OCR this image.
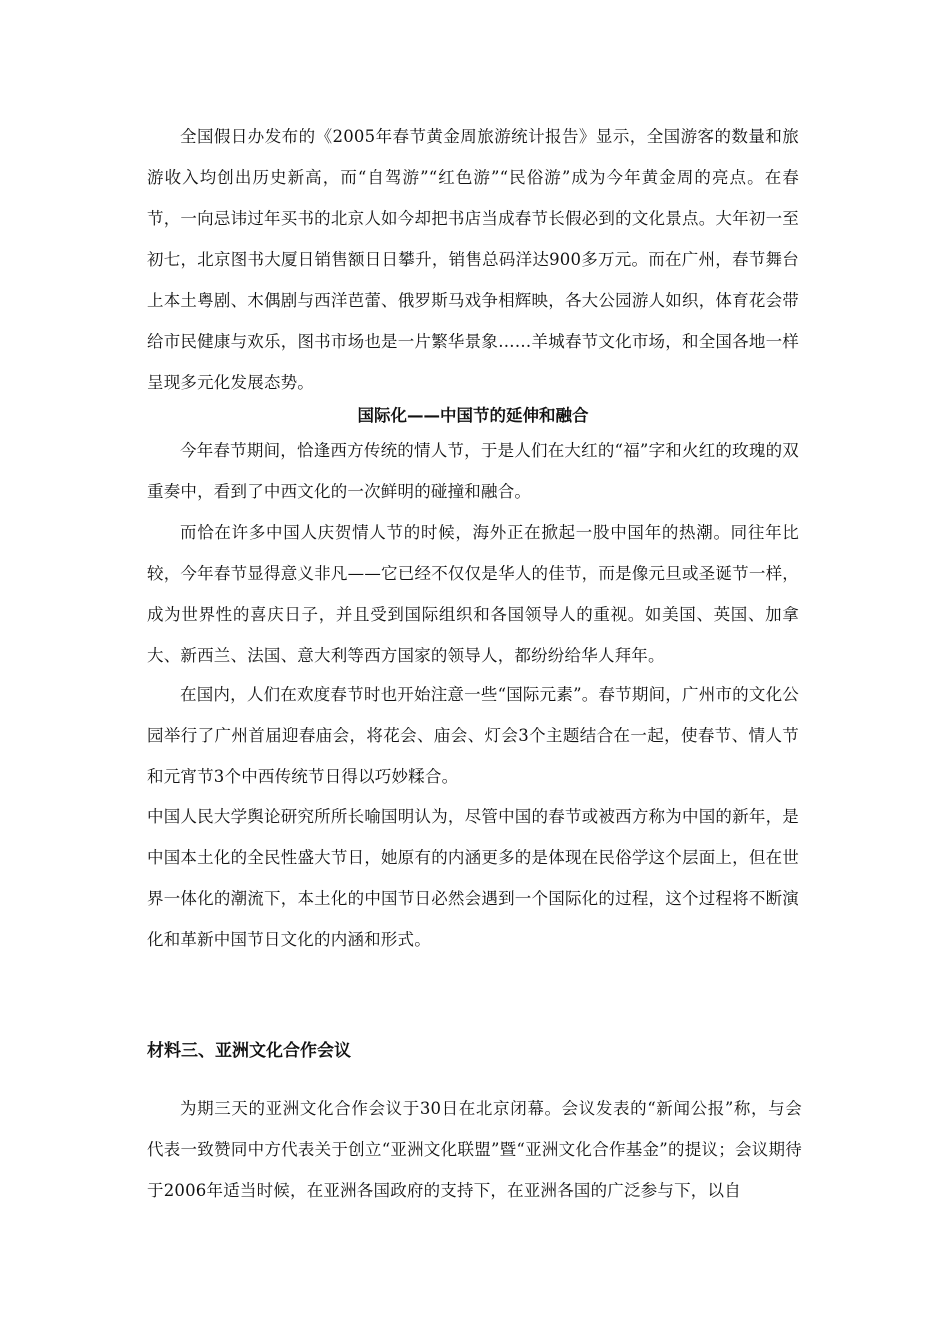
全国假日办发布的《2005年春节黄金周旅游统计报告》显示，全国游客的数量和旅游收入均创出历史新高，而“自驾游”“红色游”“民俗游”成为今年黄金周的亮点。在春节，一向忌讳过年买书的北京人如今却把书店当成春节长假必到的文化景点。大年初一至初七，北京图书大厦日销售额日日攀升，销售总码洋达900多万元。而在广州，春节舞台上本土粤剧、木偶剧与西洋芭蕾、俄罗斯马戏争相辉映，各大公园游人如织，体育花会带给市民健康与欢乐，图书市场也是一片繁华景象……羊城春节文化市场，和全国各地一样呈现多元化发展态势。

国际化——中国节的延伸和融合

今年春节期间，恰逢西方传统的情人节，于是人们在大红的“福”字和火红的玫瑰的双重奏中，看到了中西文化的一次鲜明的碰撞和融合。

而恰在许多中国人庆贺情人节的时候，海外正在掀起一股中国年的热潮。同往年比较，今年春节显得意义非凡——它已经不仅仅是华人的佳节，而是像元旦或圣诞节一样，成为世界性的喜庆日子，并且受到国际组织和各国领导人的重视。如美国、英国、加拿大、新西兰、法国、意大利等西方国家的领导人，都纷纷给华人拜年。

在国内，人们在欢度春节时也开始注意一些“国际元素”。春节期间，广州市的文化公园举行了广州首届迎春庙会，将花会、庙会、灯会3个主题结合在一起，使春节、情人节和元宵节3个中西传统节日得以巧妙糅合。

中国人民大学舆论研究所所长喻国明认为，尽管中国的春节或被西方称为中国的新年，是中国本土化的全民性盛大节日，她原有的内涵更多的是体现在民俗学这个层面上，但在世界一体化的潮流下，本土化的中国节日必然会遇到一个国际化的过程，这个过程将不断演化和革新中国节日文化的内涵和形式。

材料三、亚洲文化合作会议

为期三天的亚洲文化合作会议于30日在北京闭幕。会议发表的“新闻公报”称，与会代表一致赞同中方代表关于创立“亚洲文化联盟”暨“亚洲文化合作基金”的提议；会议期待于2006年适当时候，在亚洲各国政府的支持下，在亚洲各国的广泛参与下，以自
